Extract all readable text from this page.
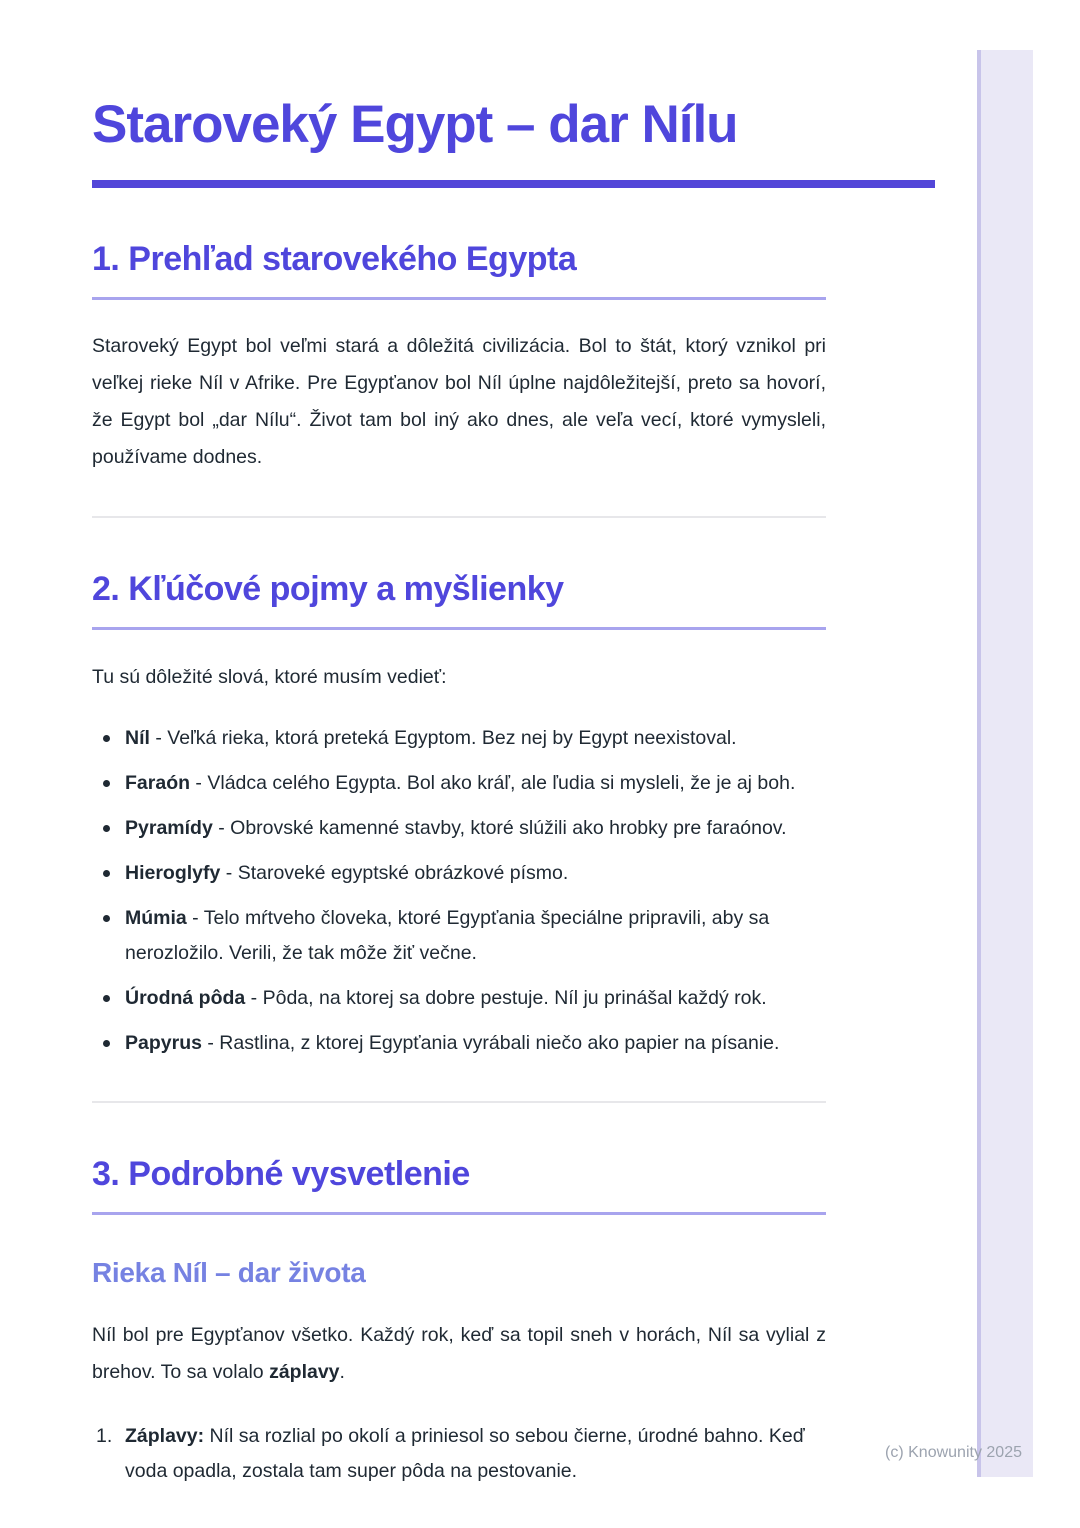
Staroveký Egypt – dar Nílu
1. Prehľad starovekého Egypta

Staroveký Egypt bol veľmi stará a dôležitá civilizácia. Bol to štát, ktorý vznikol pri veľkej rieke Níl v Afrike. Pre Egypťanov bol Níl úplne najdôležitejší, preto sa hovorí, že Egypt bol „dar Nílu“. Život tam bol iný ako dnes, ale veľa vecí, ktoré vymysleli, používame dodnes.

2. Kľúčové pojmy a myšlienky

Tu sú dôležité slová, ktoré musím vedieť:

Níl - Veľká rieka, ktorá preteká Egyptom. Bez nej by Egypt neexistoval.
Faraón - Vládca celého Egypta. Bol ako kráľ, ale ľudia si mysleli, že je aj boh.
Pyramídy - Obrovské kamenné stavby, ktoré slúžili ako hrobky pre faraónov.
Hieroglyfy - Staroveké egyptské obrázkové písmo.
Múmia - Telo mŕtveho človeka, ktoré Egypťania špeciálne pripravili, aby sa nerozložilo. Verili, že tak môže žiť večne.
Úrodná pôda - Pôda, na ktorej sa dobre pestuje. Níl ju prinášal každý rok.
Papyrus - Rastlina, z ktorej Egypťania vyrábali niečo ako papier na písanie.
3. Podrobné vysvetlenie
Rieka Níl – dar života

Níl bol pre Egypťanov všetko. Každý rok, keď sa topil sneh v horách, Níl sa vylial z brehov. To sa volalo záplavy.

1. Záplavy: Níl sa rozlial po okolí a priniesol so sebou čierne, úrodné bahno. Keď voda opadla, zostala tam super pôda na pestovanie.
(c) Knowunity 2025
